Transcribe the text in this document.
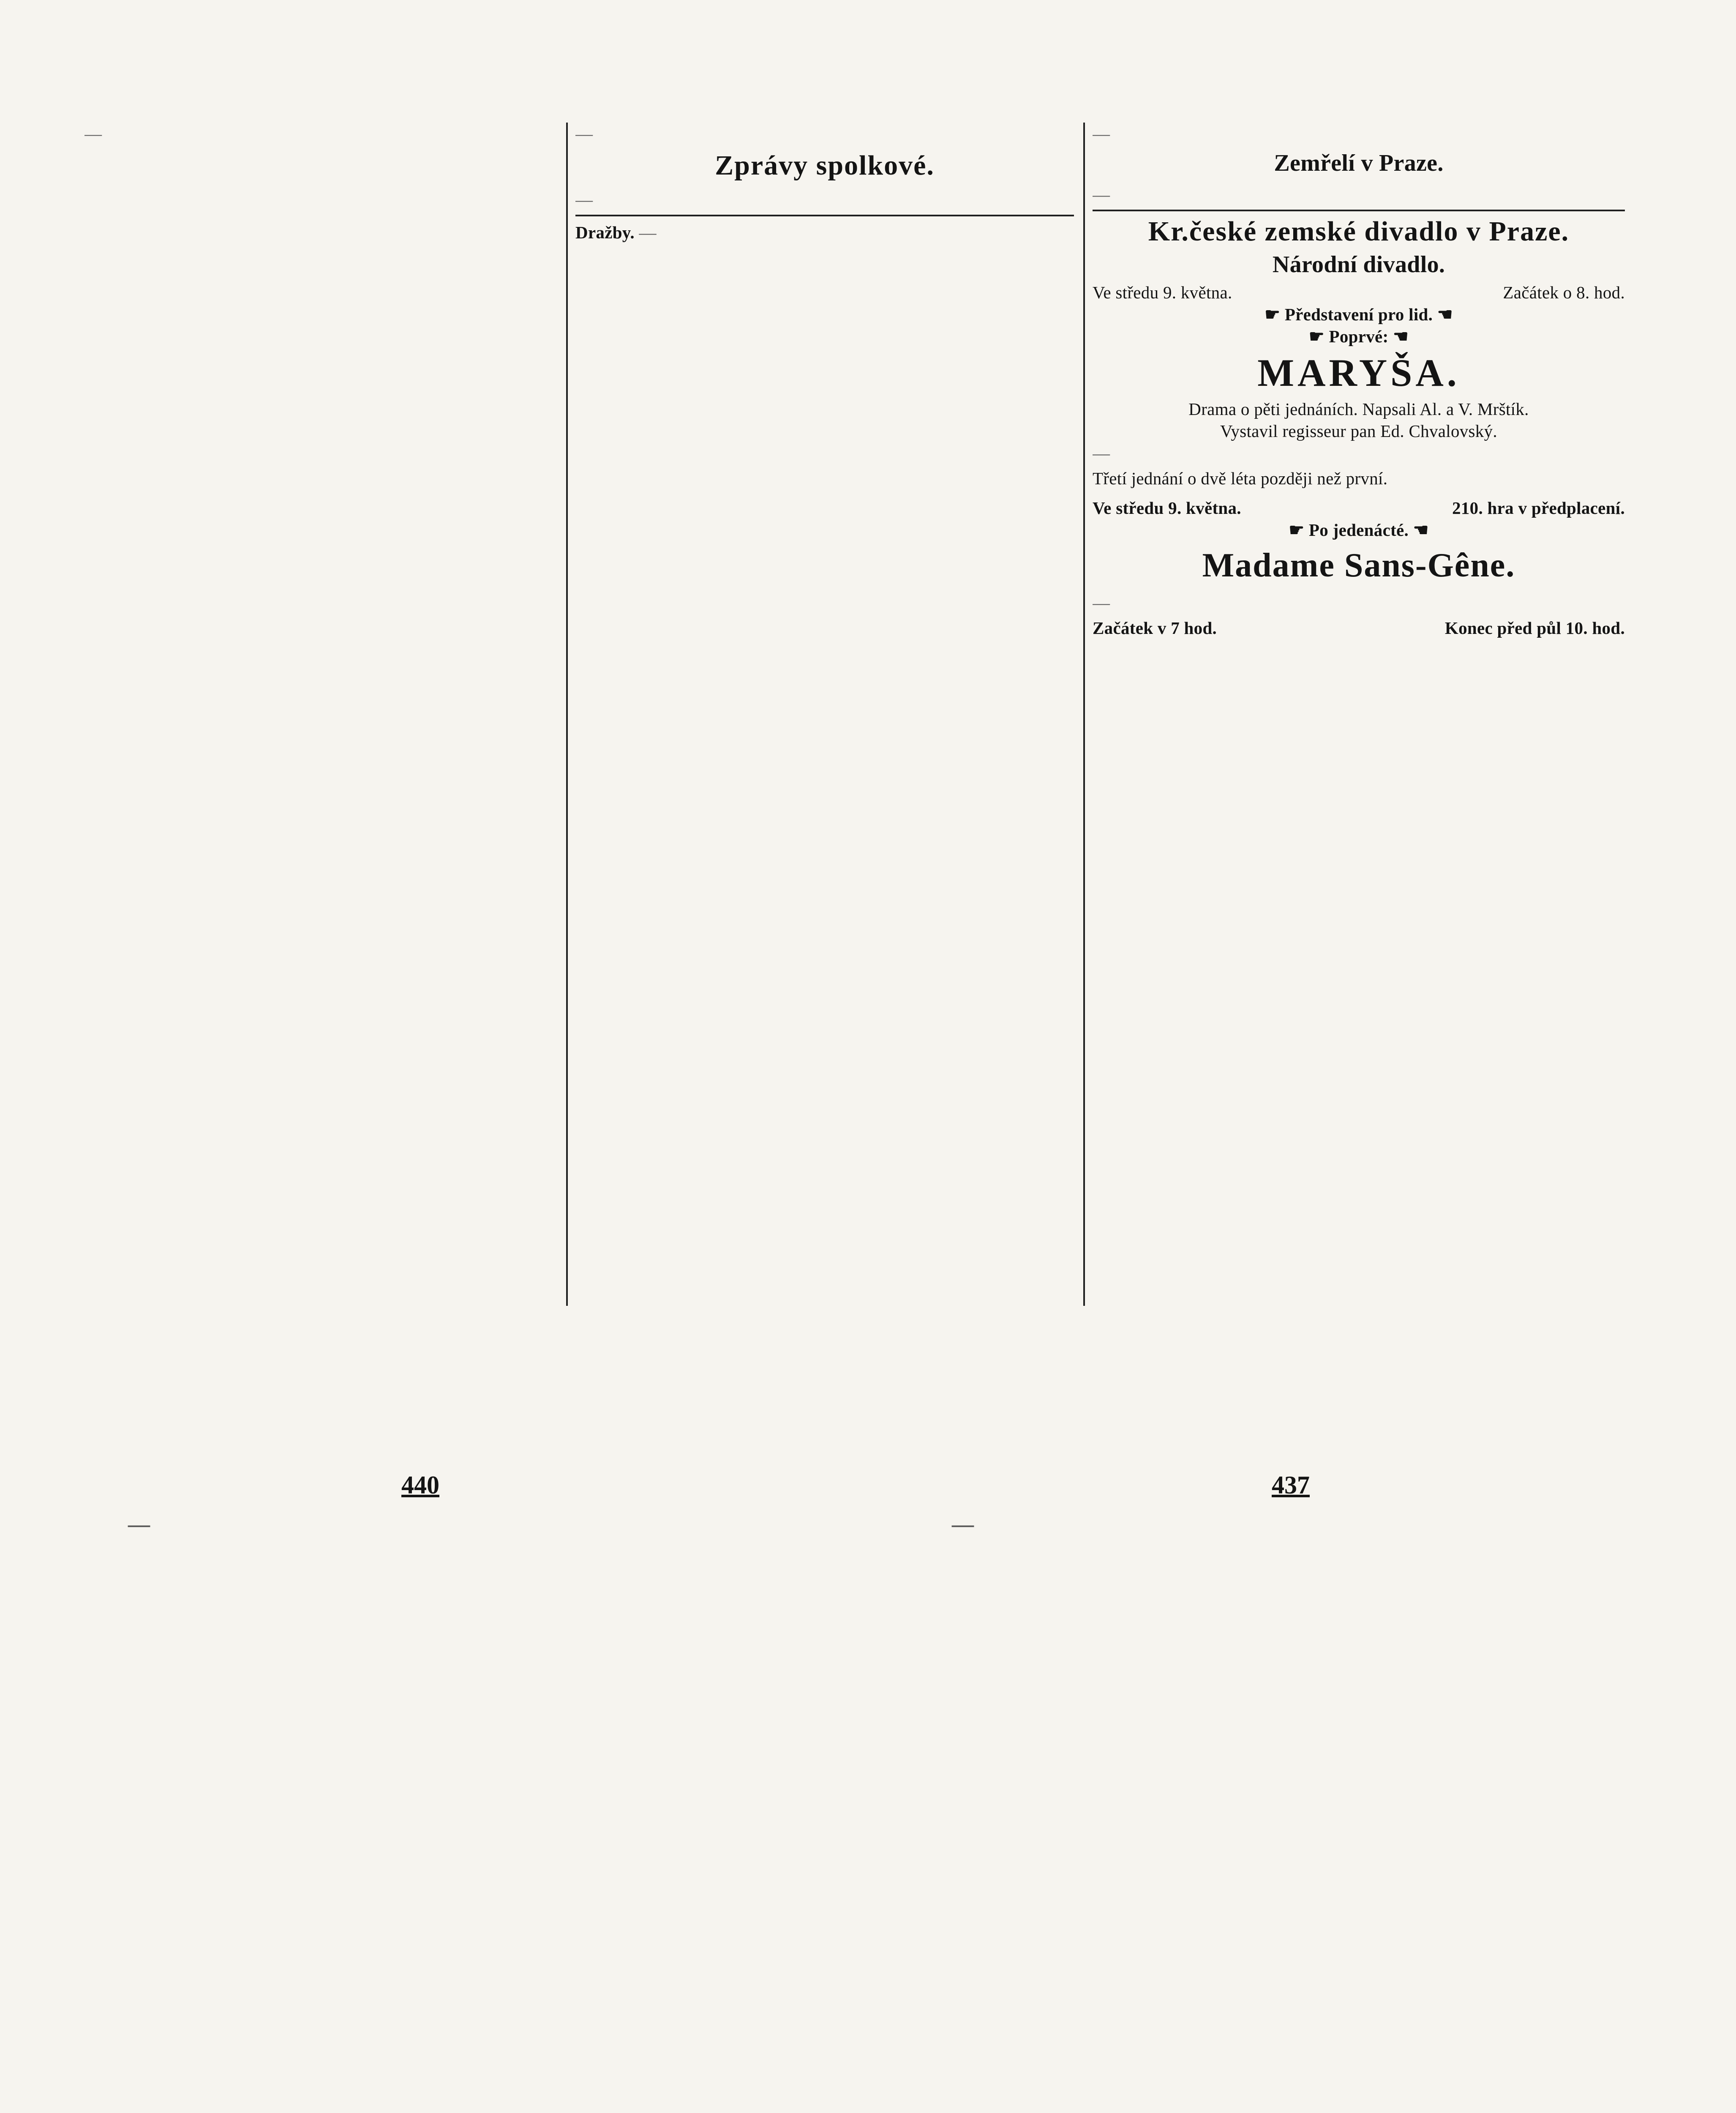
—	—

Zprávy spolkové.

—

Dražby. —

—

Zemřelí v Praze.

—

Kr.české zemské divadlo v Praze.
Národní divadlo.
Ve středu 9. května.	Začátek o 8. hod.
☛ Představení pro lid. ☚
☛ Poprvé: ☚
MARYŠA.
Drama o pěti jednáních. Napsali Al. a V. Mrštík.
Vystavil regisseur pan Ed. Chvalovský.

—

Třetí jednání o dvě léta později než první.

Ve středu 9. května.	210. hra v předplacení.
☛ Po jedenácté. ☚
Madame Sans-Gêne.

—

Začátek v 7 hod.	Konec před půl 10. hod.
440	437

—	—
